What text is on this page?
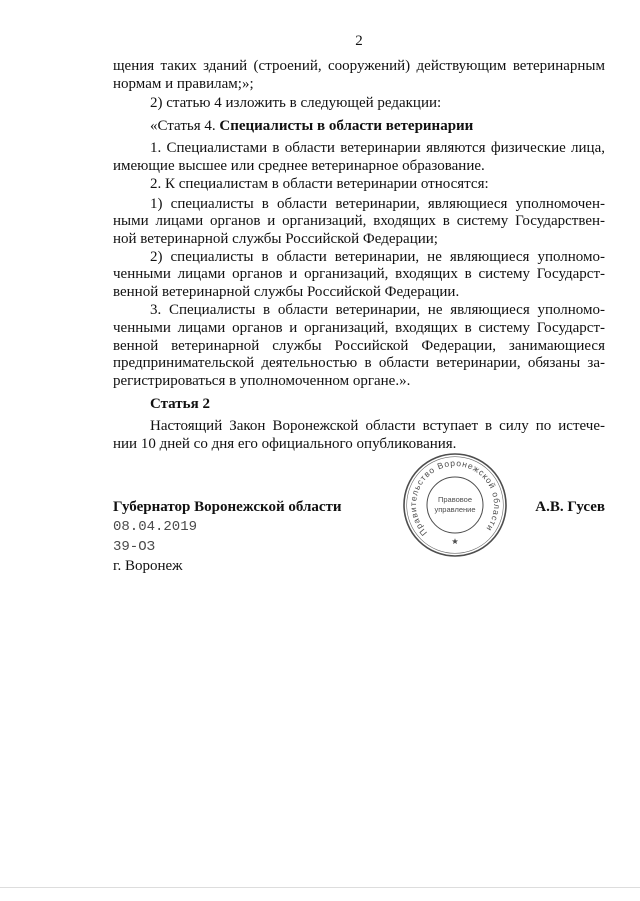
2
щения таких зданий (строений, сооружений) действующим ветеринарным
нормам и правилам;»;
2) статью 4 изложить в следующей редакции:
«Статья 4. Специалисты в области ветеринарии
1. Специалистами в области ветеринарии являются физические лица,
имеющие высшее или среднее ветеринарное образование.
2. К специалистам в области ветеринарии относятся:
1) специалисты в области ветеринарии, являющиеся уполномочен-
ными лицами органов и организаций, входящих в систему Государствен-
ной ветеринарной службы Российской Федерации;
2) специалисты в области ветеринарии, не являющиеся уполномо-
ченными лицами органов и организаций, входящих в систему Государст-
венной ветеринарной службы Российской Федерации.
3. Специалисты в области ветеринарии, не являющиеся уполномо-
ченными лицами органов и организаций, входящих в систему Государст-
венной ветеринарной службы Российской Федерации, занимающиеся
предпринимательской деятельностью в области ветеринарии, обязаны за-
регистрироваться в уполномоченном органе.».
Статья 2
Настоящий Закон Воронежской области вступает в силу по истече-
нии 10 дней со дня его официального опубликования.
Губернатор Воронежской области	А.В. Гусев
Правительство Воронежской области
Правовое
управление
08.04.2019
39-ОЗ
г. Воронеж
